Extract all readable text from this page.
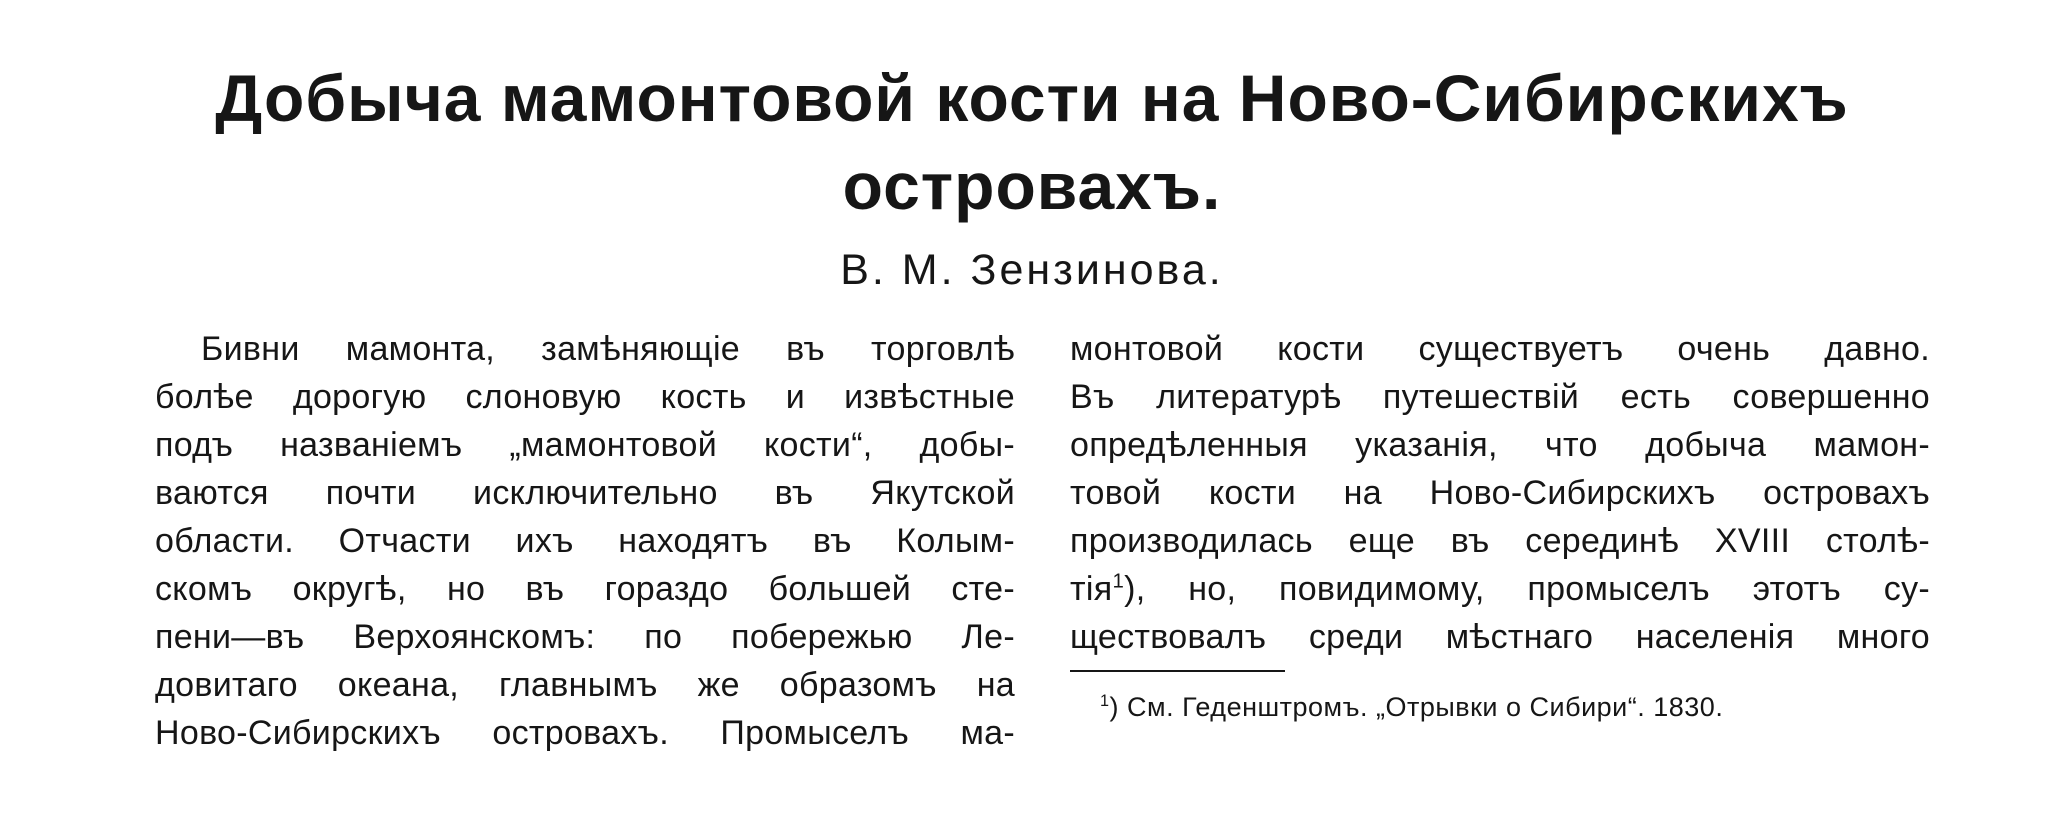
Добыча мамонтовой кости на Ново-Сибирскихъ
островахъ.
В. М. Зензинова.
Бивни мамонта, замѣняющіе въ торговлѣ
болѣе дорогую слоновую кость и извѣстные
подъ названіемъ „мамонтовой кости“, добы-
ваются почти исключительно въ Якутской
области. Отчасти ихъ находятъ въ Колым-
скомъ округѣ, но въ гораздо большей сте-
пени—въ Верхоянскомъ: по побережью Ле-
довитаго океана, главнымъ же образомъ на
Ново-Сибирскихъ островахъ. Промыселъ ма-
монтовой кости существуетъ очень давно.
Въ литературѣ путешествій есть совершенно
опредѣленныя указанія, что добыча мамон-
товой кости на Ново-Сибирскихъ островахъ
производилась еще въ серединѣ XVIII столѣ-
тія$^1$), но, повидимому, промыселъ этотъ су-
ществовалъ среди мѣстнаго населенія много
$^1$) См. Геденштромъ. „Отрывки о Сибири“. 1830.
